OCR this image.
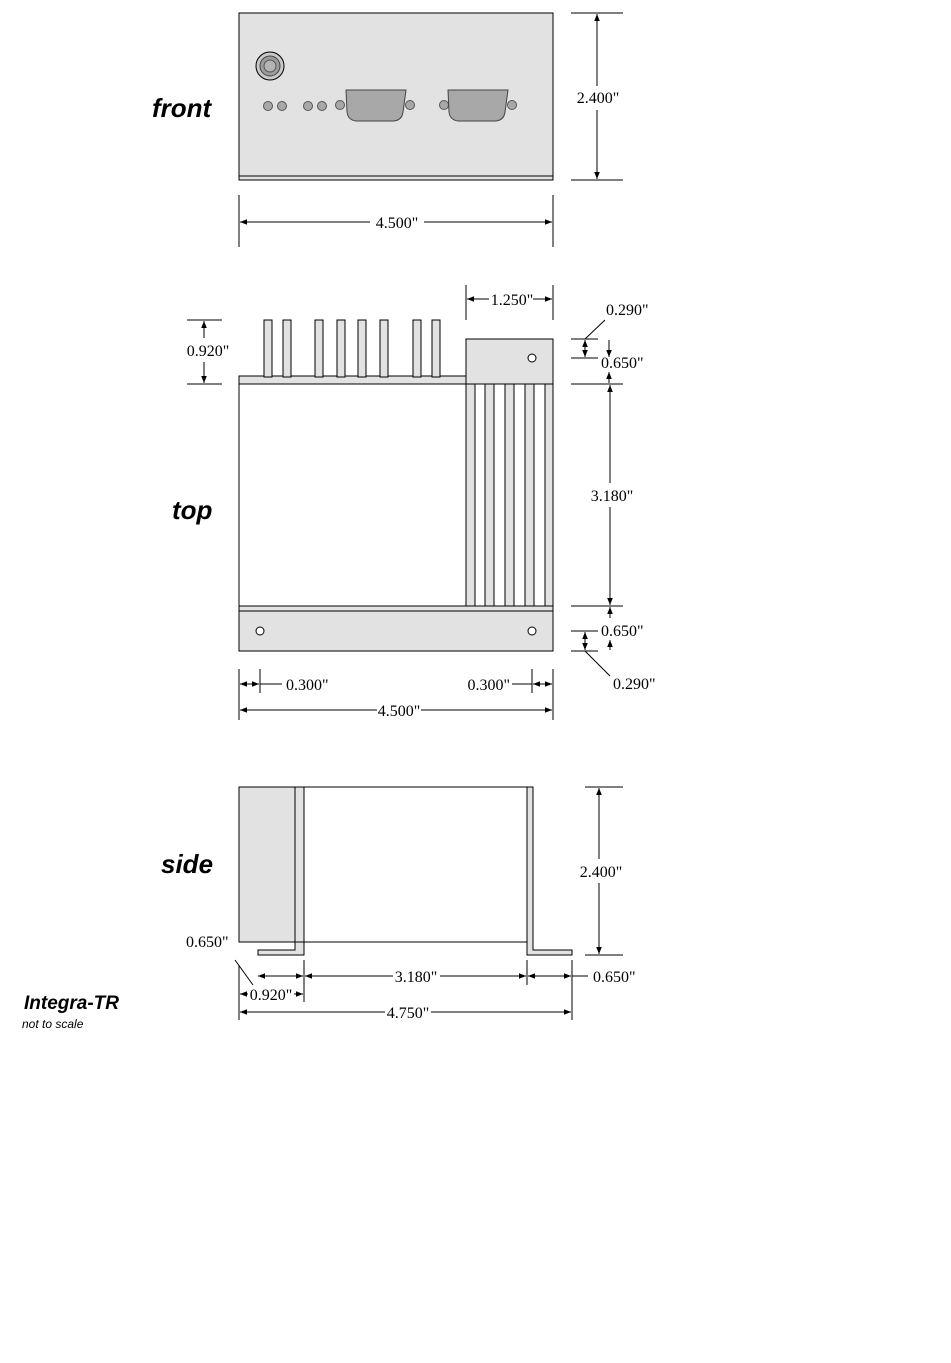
front	2.400"
4.500"
top
0.920"
1.250"
0.290"
0.650"
3.180"
0.650"
0.290"
0.300"	0.300"
4.500"
side	2.400"
0.650"
0.920"
3.180"	0.650"
4.750"
Integra-TR
not to scale
